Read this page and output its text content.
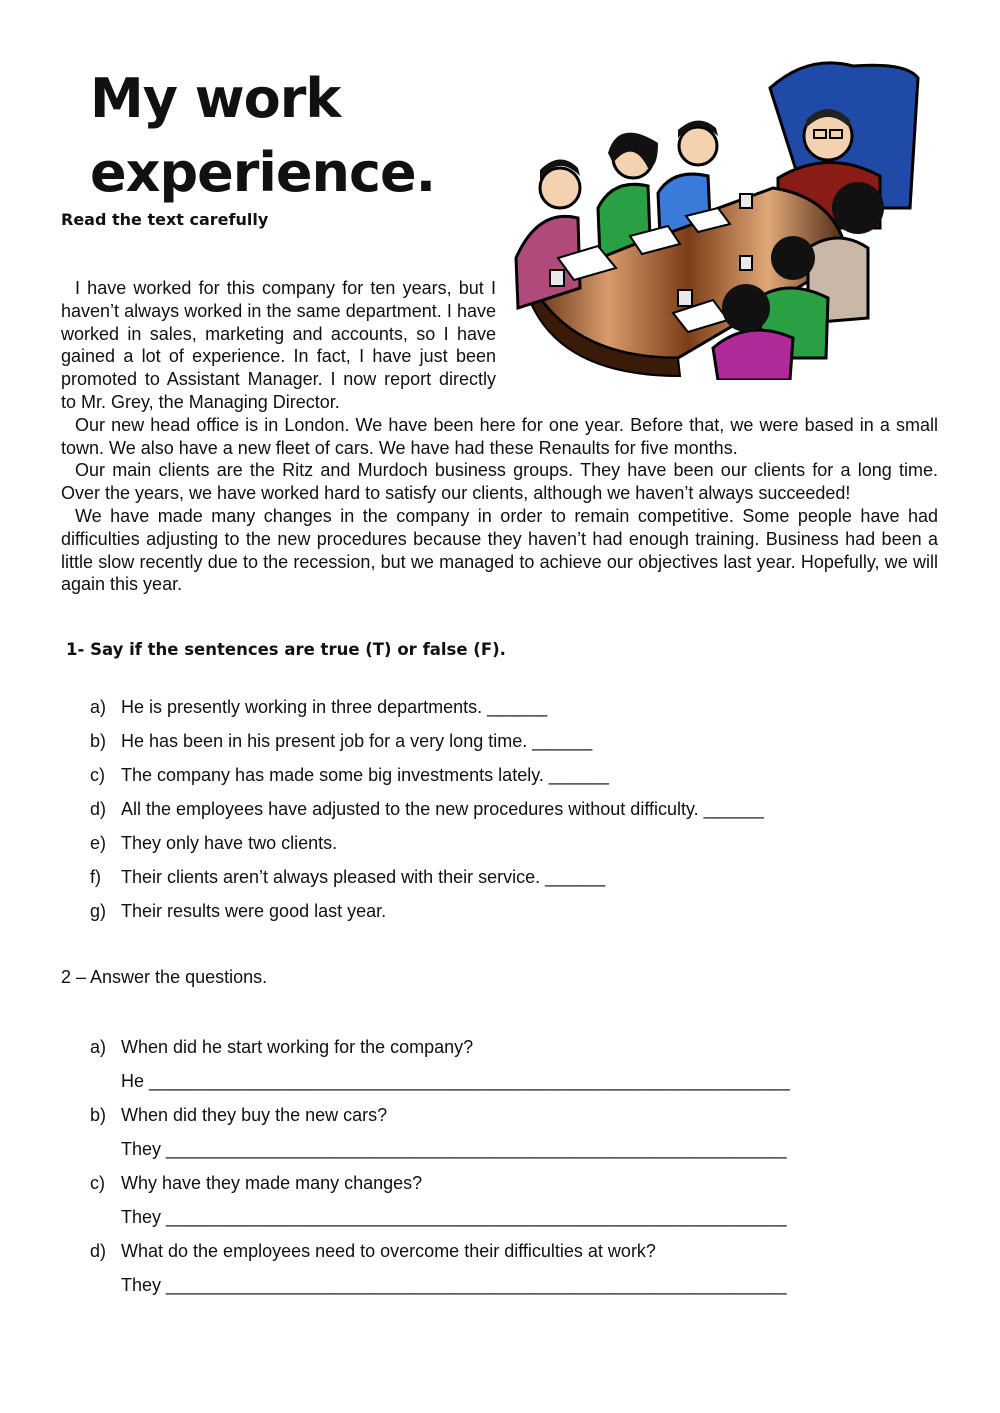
My work experience.

Read the text carefully

I have worked for this company for ten years, but I haven’t always worked in the same department. I have worked in sales, marketing and accounts, so I have gained a lot of experience. In fact, I have just been promoted to Assistant Manager. I now report directly to Mr. Grey, the Managing Director.

Our new head office is in London. We have been here for one year. Before that, we were based in a small town. We also have a new fleet of cars. We have had these Renaults for five months.

Our main clients are the Ritz and Murdoch business groups. They have been our clients for a long time. Over the years, we have worked hard to satisfy our clients, although we haven’t always succeeded!

We have made many changes in the company in order to remain competitive. Some people have had difficulties adjusting to the new procedures because they haven’t had enough training. Business had been a little slow recently due to the recession, but we managed to achieve our objectives last year. Hopefully, we will again this year.

1- Say if the sentences are true (T) or false (F).

a) He is presently working in three departments. ______
b) He has been in his present job for a very long time. ______
c) The company has made some big investments lately. ______
d) All the employees have adjusted to the new procedures without difficulty. ______
e) They only have two clients.
f)	Their clients aren’t always pleased with their service. ______
g) Their results were good last year.

2 – Answer the questions.

a) When did he start working for the company?
He ________________________________________________________________
b) When did they buy the new cars?
They ______________________________________________________________
c) Why have they made many changes?
They ______________________________________________________________
d) What do the employees need to overcome their difficulties at work?
They ______________________________________________________________
